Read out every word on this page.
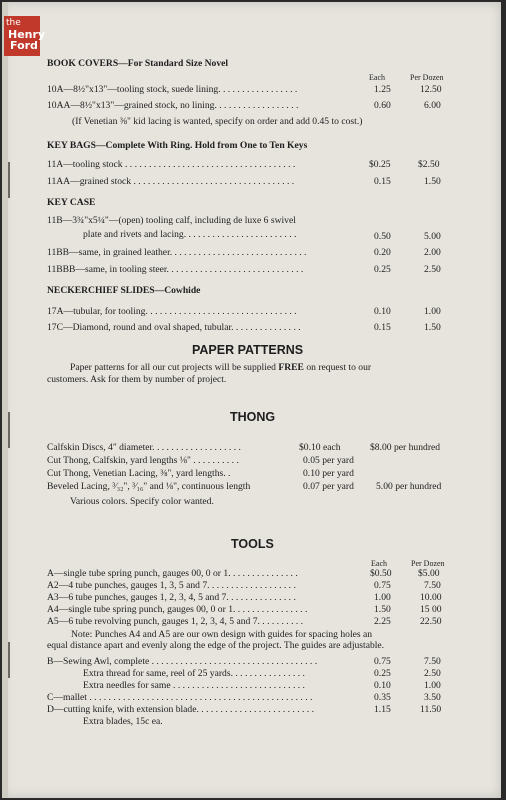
the
Henry
Ford
BOOK COVERS—For Standard Size Novel
Each	Per Dozen
10A—8½"x13"—tooling stock, suede lining. . . . . . . . . . . . . . . . .	1.25	12.50
10AA—8½"x13"—grained stock, no lining. . . . . . . . . . . . . . . . . .	0.60	6.00
(If Venetian ⅜" kid lacing is wanted, specify on order and add 0.45 to cost.)
KEY BAGS—Complete With Ring. Hold from One to Ten Keys
11A—tooling stock . . . . . . . . . . . . . . . . . . . . . . . . . . . . . . . . . . . .	$0.25	$2.50
11AA—grained stock . . . . . . . . . . . . . . . . . . . . . . . . . . . . . . . . . .	0.15	1.50
KEY CASE
11B—3¾"x5¼"—(open) tooling calf, including de luxe 6 swivel
plate and rivets and lacing. . . . . . . . . . . . . . . . . . . . . . . .	0.50	5.00
11BB—same, in grained leather. . . . . . . . . . . . . . . . . . . . . . . . . . . . .	0.20	2.00
11BBB—same, in tooling steer. . . . . . . . . . . . . . . . . . . . . . . . . . . . .	0.25	2.50
NECKERCHIEF SLIDES—Cowhide
17A—tubular, for tooling. . . . . . . . . . . . . . . . . . . . . . . . . . . . . . . .	0.10	1.00
17C—Diamond, round and oval shaped, tubular. . . . . . . . . . . . . . .	0.15	1.50
PAPER PATTERNS
Paper patterns for all our cut projects will be supplied FREE on request to our
customers. Ask for them by number of project.
THONG
Calfskin Discs, 4" diameter. . . . . . . . . . . . . . . . . . .	$0.10 each	$8.00 per hundred
Cut Thong, Calfskin, yard lengths ⅛" . . . . . . . . . .	0.05 per yard
Cut Thong, Venetian Lacing, ⅜", yard lengths. .	0.10 per yard
Beveled Lacing, ³⁄₃₂", ³⁄₁₆" and ⅛", continuous length	0.07 per yard 5.00 per hundred
Various colors. Specify color wanted.
TOOLS
Each	Per Dozen
A—single tube spring punch, gauges 00, 0 or 1. . . . . . . . . . . . . . .	$0.50	$5.00
A2—4 tube punches, gauges 1, 3, 5 and 7. . . . . . . . . . . . . . . . . . .	0.75	7.50
A3—6 tube punches, gauges 1, 2, 3, 4, 5 and 7. . . . . . . . . . . . . . .	1.00	10.00
A4—single tube spring punch, gauges 00, 0 or 1. . . . . . . . . . . . . . . .	1.50	15 00
A5—6 tube revolving punch, gauges 1, 2, 3, 4, 5 and 7. . . . . . . . . .	2.25	22.50
Note: Punches A4 and A5 are our own design with guides for spacing holes an
equal distance apart and evenly along the edge of the project. The guides are adjustable.
B—Sewing Awl, complete . . . . . . . . . . . . . . . . . . . . . . . . . . . . . . . . . . .	0.75	7.50
Extra thread for same, reel of 25 yards. . . . . . . . . . . . . . . .	0.25	2.50
Extra needles for same . . . . . . . . . . . . . . . . . . . . . . . . . . . .	0.10	1.00
C—mallet . . . . . . . . . . . . . . . . . . . . . . . . . . . . . . . . . . . . . . . . . . . . . . .	0.35	3.50
D—cutting knife, with extension blade. . . . . . . . . . . . . . . . . . . . . . . . .	1.15	11.50
Extra blades, 15c ea.
